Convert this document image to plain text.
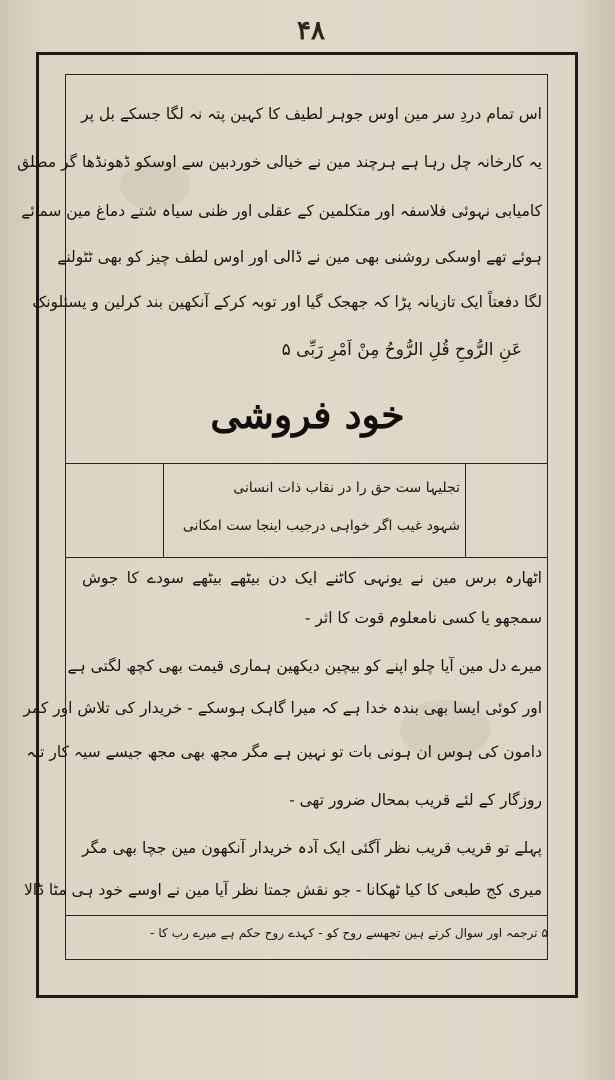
۴۸
اس تمام دردِ سر مین اوس جوہر لطیف کا کہین پتہ نہ لگا جسکے بل پر
یہ کارخانہ چل رہا ہے ہرچند مین نے خیالی خوردبین سے اوسکو ڈھونڈھا گر مطلق
کامیابی نہوئی فلاسفہ اور متکلمین کے عقلی اور ظنی سیاہ شتے دماغ مین سمائے
ہوئے تھے اوسکی روشنی بھی مین نے ڈالی اور اوس لطف چیز کو بھی ٹٹولنے
لگا دفعتاً ایک تازیانہ پڑا کہ جھجک گیا اور توبہ کرکے آنکھین بند کرلین و یسئلونک
عَنِ الرُّوحِ قُلِ الرُّوحُ مِنْ اَمْرِ رَبِّی ۵
خود فروشی
تجلیہا ست حق را در نقاب ذات انسانی
شہود غیب اگر خواہی درجیب اینجا ست امکانی
اٹھارہ برس مین نے یونہی کاٹنے ایک دن بیٹھے بیٹھے سودے کا جوش
سمجھو یا کسی نامعلوم قوت کا اثر -
میرے دل مین آیا چلو اپنے کو بیچین دیکھین ہماری قیمت بھی کچھ لگتی ہے
اور کوئی ایسا بھی بندہ خدا ہے کہ میرا گاہک ہوسکے - خریدار کی تلاش اور کمر
دامون کی ہوس ان ہونی بات تو نہین ہے مگر مجھ بھی مجھ جیسے سیہ کار تبہ
روزگار کے لئے قریب بمحال ضرور تھی -
پہلے تو قریب قریب نظر آگئی ایک آدہ خریدار آنکھون مین جچا بھی مگر
میری کج طبعی کا کیا ٹھکانا - جو نقش جمتا نظر آیا مین نے اوسے خود ہی مٹا ڈالا
۵ ترجمہ اور سوال کرتے ہین تجھسے روح کو - کہدے روح حکم ہے میرے رب کا -
